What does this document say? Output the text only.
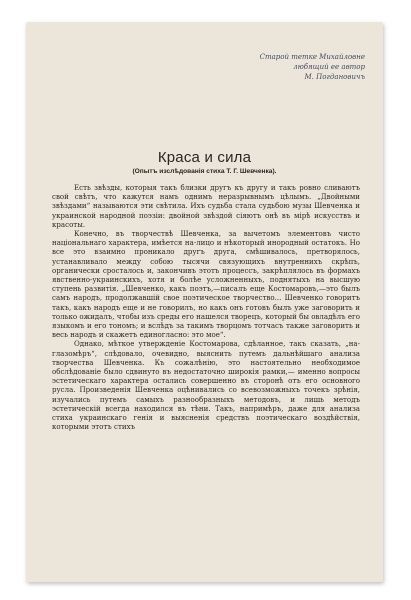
Старой тетке Михайловне
любящий ее автор
М. Погдановичъ
Краса и сила
(Опытъ изслѣдованія стиха Т. Г. Шевченка).

Есть звѣзды, которыя такъ близки другъ къ другу и такъ ровно сливаютъ свой свѣтъ, что кажутся намъ однимъ неразрывнымъ цѣлымъ. „Двойными звѣздами“ называются эти свѣтила. Ихъ судьба стала судьбою музы Шевченка и украинской народной поэзіи: двойной звѣздой сіяютъ онѣ въ мірѣ искусствъ и красоты.

Конечно, въ творчествѣ Шевченка, за вычетомъ элементовъ чисто національнаго характера, имѣется на-лицо и нѣкоторый инородный остатокъ. Но все это взаимно проникало другъ друга, смѣшивалось, претворялось, устанавливало между собою тысячи связующихъ внутреннихъ скрѣпъ, органически сросталось и, закончивъ этотъ процессъ, закрѣплялось въ формахъ явственно-украинскихъ, хотя и болѣе усложненныхъ, поднятыхъ на высшую ступень развитія. „Шевченко, какъ поэтъ,—писалъ еще Костомаровъ,—это былъ самъ народъ, продолжавшій свое поэтическое творчество... Шевченко говоритъ такъ, какъ народъ еще и не говорилъ, но какъ онъ готовъ былъ уже заговорить и только ожидалъ, чтобы изъ среды его нашелся творецъ, который бы овладѣлъ его языкомъ и его тономъ; и вслѣдъ за такимъ творцомъ тотчасъ также заговорить и весь народъ и скажетъ единогласно: это мое“.

Однако, мѣткое утвержденіе Костомарова, сдѣланное, такъ сказать, „на-глазомѣръ“, слѣдовало, очевидно, выяснить путемъ дальнѣйшаго анализа творчества Шевченка. Къ сожалѣнію, это настоятельно необходимое обслѣдованіе было сдвинуто въ недостаточно широкія рамки,— именно вопросы эстетическаго характера остались совершенно въ сторонѣ отъ его основного русла. Произведенія Шевченка оцѣнивались со всевозможныхъ точекъ зрѣнія, изучались путемъ самыхъ разнообразныхъ методовъ, и лишь методъ эстетическій всегда находился въ тѣни. Такъ, напримѣръ, даже для анализа стиха украинскаго генія и выясненія средствъ поэтическаго воздѣйствія, которыми этотъ стихъ
